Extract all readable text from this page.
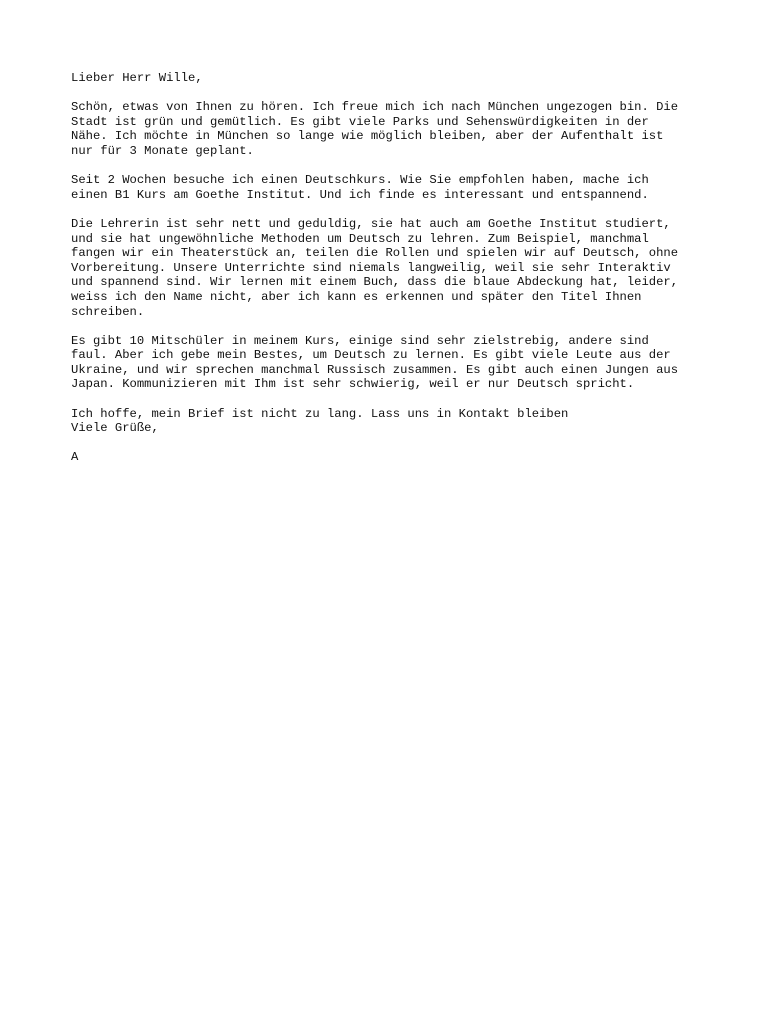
Lieber Herr Wille,
Schön, etwas von Ihnen zu hören. Ich freue mich ich nach München ungezogen bin. Die
Stadt ist grün und gemütlich. Es gibt viele Parks und Sehenswürdigkeiten in der
Nähe. Ich möchte in München so lange wie möglich bleiben, aber der Aufenthalt ist
nur für 3 Monate geplant.
Seit 2 Wochen besuche ich einen Deutschkurs. Wie Sie empfohlen haben, mache ich
einen B1 Kurs am Goethe Institut. Und ich finde es interessant und entspannend.
Die Lehrerin ist sehr nett und geduldig, sie hat auch am Goethe Institut studiert,
und sie hat ungewöhnliche Methoden um Deutsch zu lehren. Zum Beispiel, manchmal
fangen wir ein Theaterstück an, teilen die Rollen und spielen wir auf Deutsch, ohne
Vorbereitung. Unsere Unterrichte sind niemals langweilig, weil sie sehr Interaktiv
und spannend sind. Wir lernen mit einem Buch, dass die blaue Abdeckung hat, leider,
weiss ich den Name nicht, aber ich kann es erkennen und später den Titel Ihnen
schreiben.
Es gibt 10 Mitschüler in meinem Kurs, einige sind sehr zielstrebig, andere sind
faul. Aber ich gebe mein Bestes, um Deutsch zu lernen. Es gibt viele Leute aus der
Ukraine, und wir sprechen manchmal Russisch zusammen. Es gibt auch einen Jungen aus
Japan. Kommunizieren mit Ihm ist sehr schwierig, weil er nur Deutsch spricht.
Ich hoffe, mein Brief ist nicht zu lang. Lass uns in Kontakt bleiben
Viele Grüße,
A
